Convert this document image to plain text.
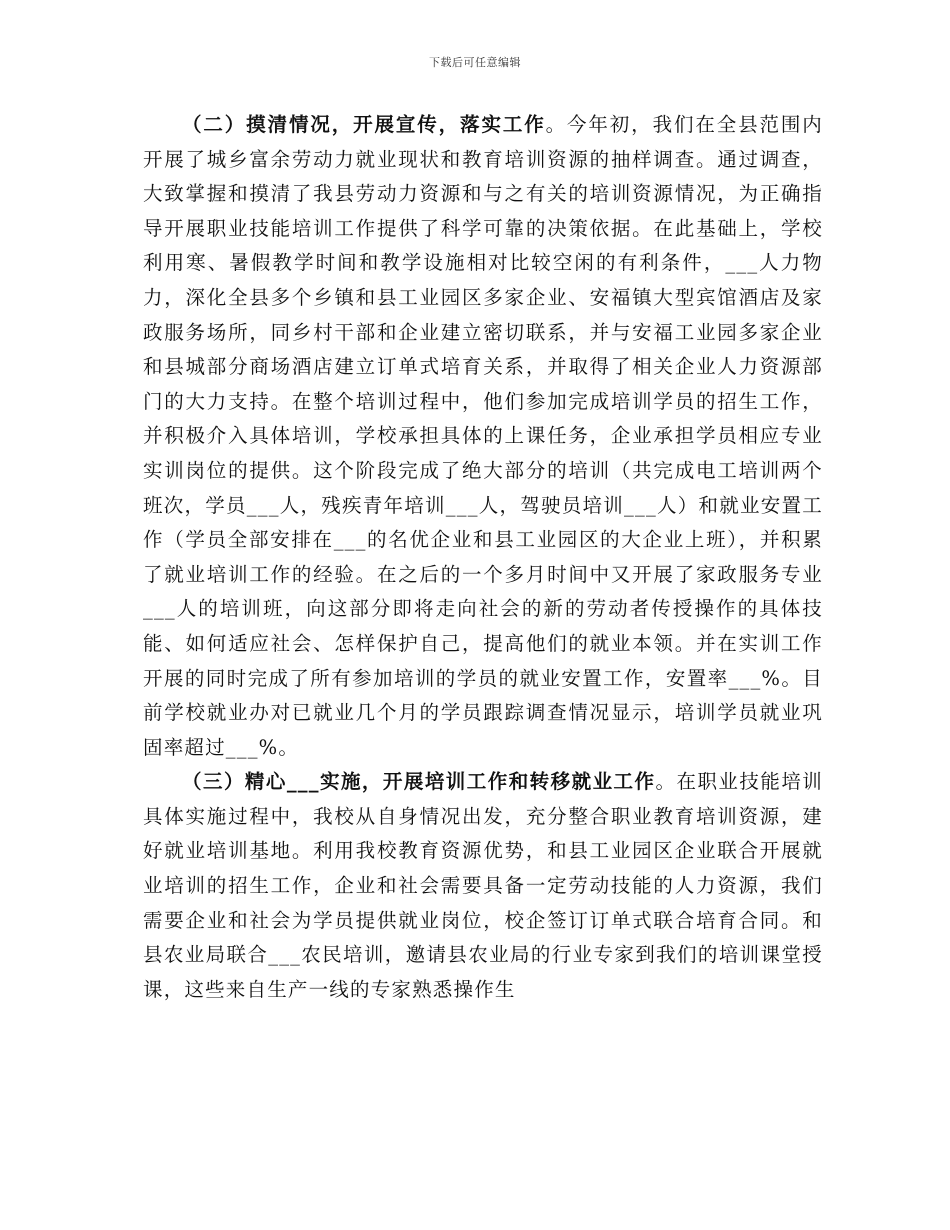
下载后可任意编辑

（二）摸清情况，开展宣传，落实工作。今年初，我们在全县范围内开展了城乡富余劳动力就业现状和教育培训资源的抽样调查。通过调查，大致掌握和摸清了我县劳动力资源和与之有关的培训资源情况，为正确指导开展职业技能培训工作提供了科学可靠的决策依据。在此基础上，学校利用寒、暑假教学时间和教学设施相对比较空闲的有利条件，___人力物力，深化全县多个乡镇和县工业园区多家企业、安福镇大型宾馆酒店及家政服务场所，同乡村干部和企业建立密切联系，并与安福工业园多家企业和县城部分商场酒店建立订单式培育关系，并取得了相关企业人力资源部门的大力支持。在整个培训过程中，他们参加完成培训学员的招生工作，并积极介入具体培训，学校承担具体的上课任务，企业承担学员相应专业实训岗位的提供。这个阶段完成了绝大部分的培训（共完成电工培训两个班次，学员___人，残疾青年培训___人，驾驶员培训___人）和就业安置工作（学员全部安排在___的名优企业和县工业园区的大企业上班），并积累了就业培训工作的经验。在之后的一个多月时间中又开展了家政服务专业___人的培训班，向这部分即将走向社会的新的劳动者传授操作的具体技能、如何适应社会、怎样保护自己，提高他们的就业本领。并在实训工作开展的同时完成了所有参加培训的学员的就业安置工作，安置率___%。目前学校就业办对已就业几个月的学员跟踪调查情况显示，培训学员就业巩固率超过___%。

（三）精心___实施，开展培训工作和转移就业工作。在职业技能培训具体实施过程中，我校从自身情况出发，充分整合职业教育培训资源，建好就业培训基地。利用我校教育资源优势，和县工业园区企业联合开展就业培训的招生工作，企业和社会需要具备一定劳动技能的人力资源，我们需要企业和社会为学员提供就业岗位，校企签订订单式联合培育合同。和县农业局联合___农民培训，邀请县农业局的行业专家到我们的培训课堂授课，这些来自生产一线的专家熟悉操作生
